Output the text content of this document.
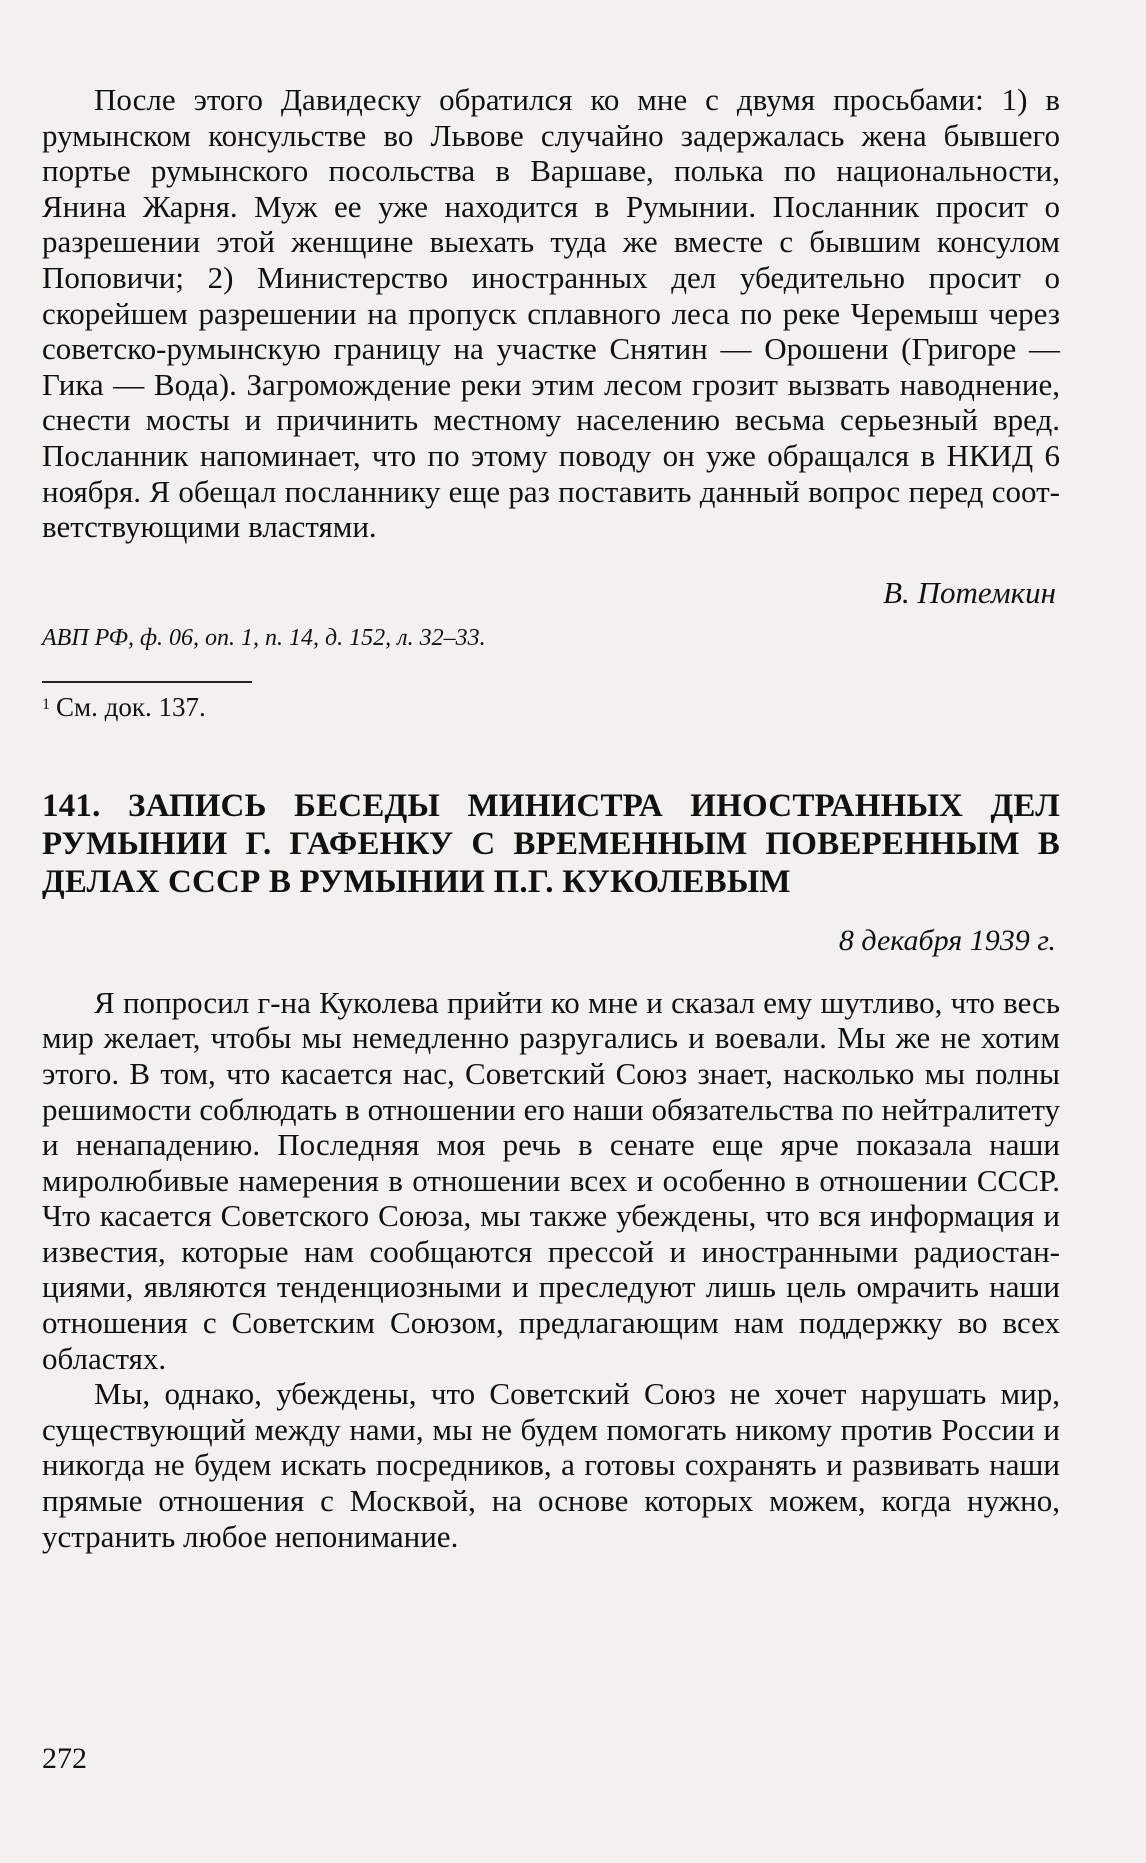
После этого Давидеску обратился ко мне с двумя просьбами: 1) в румынском консульстве во Львове случайно задержалась жена бывшего портье румынского посольства в Варшаве, полька по национальности, Янина Жарня. Муж ее уже находится в Румынии. Посланник просит о разрешении этой женщине выехать туда же вместе с бывшим консулом Поповичи; 2) Министерство иностранных дел убедительно просит о скорейшем разрешении на пропуск сплавного леса по реке Черемыш через советско-румынскую границу на участке Снятин — Орошени (Григоре — Гика — Вода). Загромождение реки этим лесом грозит вызвать наводнение, снести мосты и причинить местному населению весьма серьезный вред. Посланник напоминает, что по этому поводу он уже обращался в НКИД 6 ноября. Я обещал посланнику еще раз поставить данный вопрос перед соответствующими властями.

В. Потемкин
АВП РФ, ф. 06, оп. 1, п. 14, д. 152, л. 32–33.
$^1$ См. док. 137.
141. ЗАПИСЬ БЕСЕДЫ МИНИСТРА ИНОСТРАННЫХ ДЕЛ РУМЫНИИ Г. ГАФЕНКУ С ВРЕМЕННЫМ ПОВЕРЕННЫМ В ДЕЛАХ СССР В РУМЫНИИ П.Г. КУКОЛЕВЫМ
8 декабря 1939 г.

Я попросил г-на Куколева прийти ко мне и сказал ему шутливо, что весь мир желает, чтобы мы немедленно разругались и воевали. Мы же не хотим этого. В том, что касается нас, Советский Союз знает, насколько мы полны решимости соблюдать в отношении его наши обязательства по нейтралитету и ненападению. Последняя моя речь в сенате еще ярче показала наши миролюбивые намерения в отношении всех и особенно в отношении СССР. Что касается Советского Союза, мы также убеждены, что вся информация и известия, которые нам сообщаются прессой и иностранными радиостанциями, являются тенденциозными и преследуют лишь цель омрачить наши отношения с Советским Союзом, предлагающим нам поддержку во всех областях.

Мы, однако, убеждены, что Советский Союз не хочет нарушать мир, существующий между нами, мы не будем помогать никому против России и никогда не будем искать посредников, а готовы сохранять и развивать наши прямые отношения с Москвой, на основе которых можем, когда нужно, устранить любое непонимание.

272
